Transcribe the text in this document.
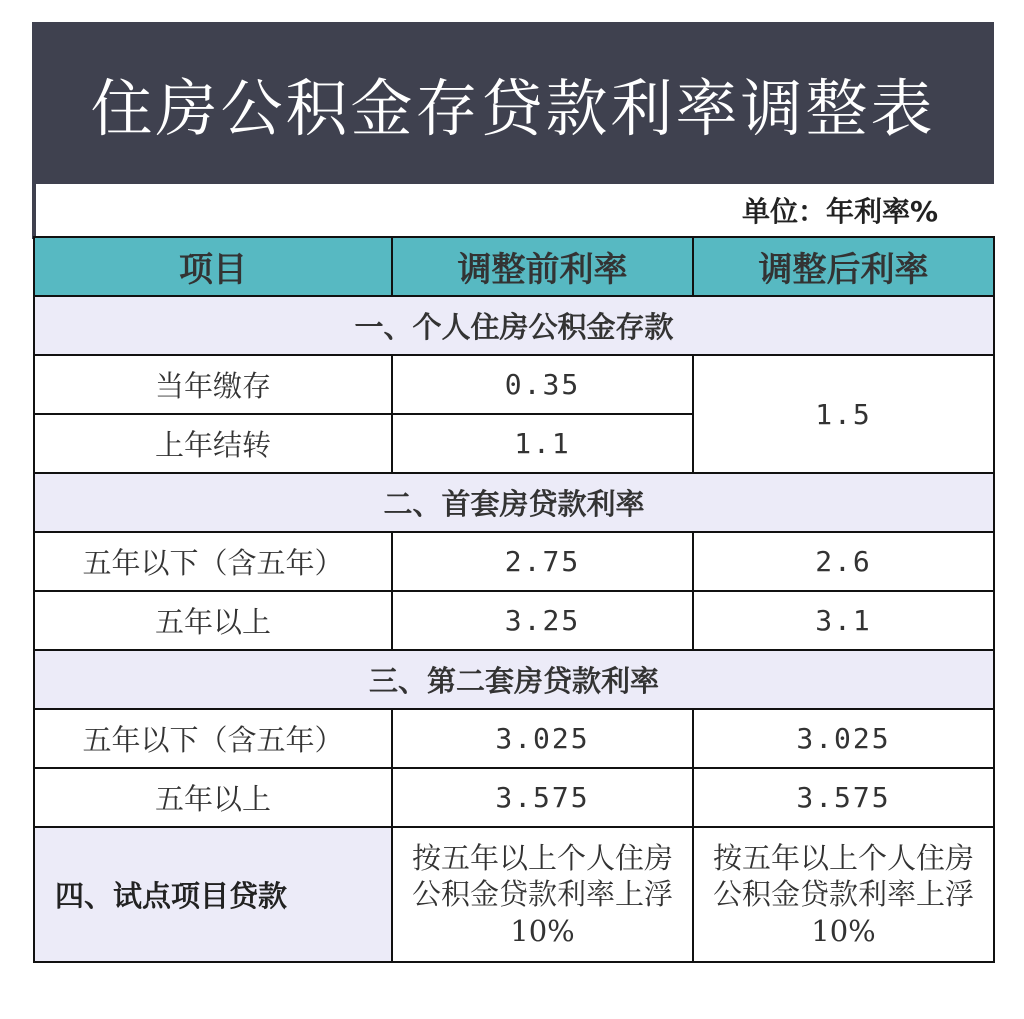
住房公积金存贷款利率调整表
单位：年利率%
项目	调整前利率	调整后利率
一、个人住房公积金存款		
当年缴存	0.35	1.5
上年结转	1.1	
二、首套房贷款利率		
五年以下（含五年）	2.75	2.6
五年以上	3.25	3.1
三、第二套房贷款利率		
五年以下（含五年）	3.025	3.025
五年以上	3.575	3.575
四、试点项目贷款	按五年以上个人住房公积金贷款利率上浮10%	按五年以上个人住房公积金贷款利率上浮10%
